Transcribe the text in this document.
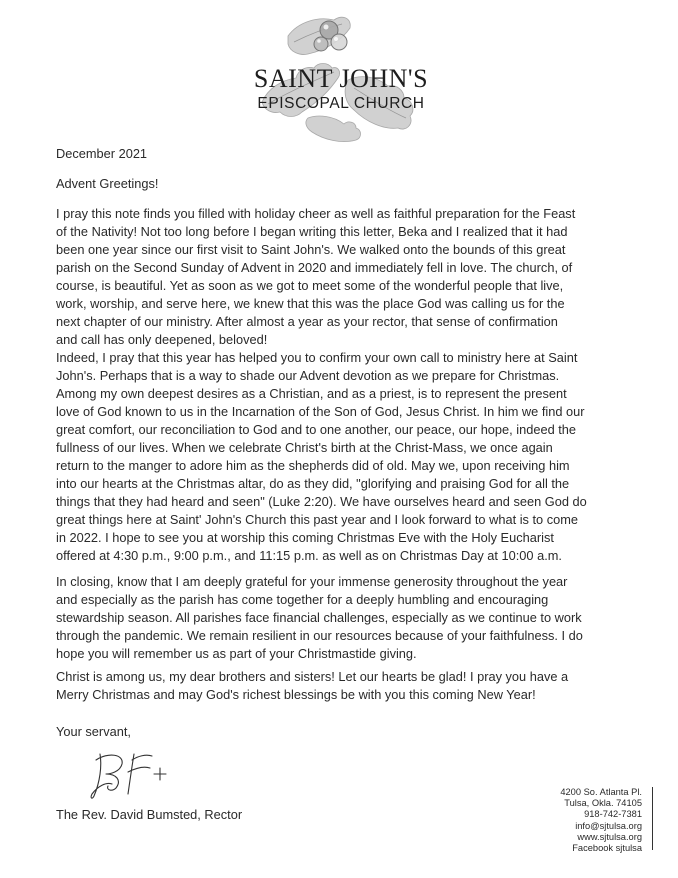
SAINT JOHN'S
EPISCOPAL CHURCH
December 2021
Advent Greetings!
I pray this note finds you filled with holiday cheer as well as faithful preparation for the Feast
of the Nativity! Not too long before I began writing this letter, Beka and I realized that it had
been one year since our first visit to Saint John's. We walked onto the bounds of this great
parish on the Second Sunday of Advent in 2020 and immediately fell in love. The church, of
course, is beautiful. Yet as soon as we got to meet some of the wonderful people that live,
work, worship, and serve here, we knew that this was the place God was calling us for the
next chapter of our ministry. After almost a year as your rector, that sense of confirmation
and call has only deepened, beloved!
Indeed, I pray that this year has helped you to confirm your own call to ministry here at Saint
John's. Perhaps that is a way to shade our Advent devotion as we prepare for Christmas.
Among my own deepest desires as a Christian, and as a priest, is to represent the present
love of God known to us in the Incarnation of the Son of God, Jesus Christ. In him we find our
great comfort, our reconciliation to God and to one another, our peace, our hope, indeed the
fullness of our lives. When we celebrate Christ's birth at the Christ-Mass, we once again
return to the manger to adore him as the shepherds did of old. May we, upon receiving him
into our hearts at the Christmas altar, do as they did, "glorifying and praising God for all the
things that they had heard and seen" (Luke 2:20). We have ourselves heard and seen God do
great things here at Saint' John's Church this past year and I look forward to what is to come
in 2022. I hope to see you at worship this coming Christmas Eve with the Holy Eucharist
offered at 4:30 p.m., 9:00 p.m., and 11:15 p.m. as well as on Christmas Day at 10:00 a.m.
In closing, know that I am deeply grateful for your immense generosity throughout the year
and especially as the parish has come together for a deeply humbling and encouraging
stewardship season. All parishes face financial challenges, especially as we continue to work
through the pandemic. We remain resilient in our resources because of your faithfulness. I do
hope you will remember us as part of your Christmastide giving.
Christ is among us, my dear brothers and sisters! Let our hearts be glad! I pray you have a
Merry Christmas and may God's richest blessings be with you this coming New Year!
Your servant,
The Rev. David Bumsted, Rector
4200 So. Atlanta Pl.
Tulsa, Okla. 74105
918-742-7381
info@sjtulsa.org
www.sjtulsa.org
Facebook sjtulsa
